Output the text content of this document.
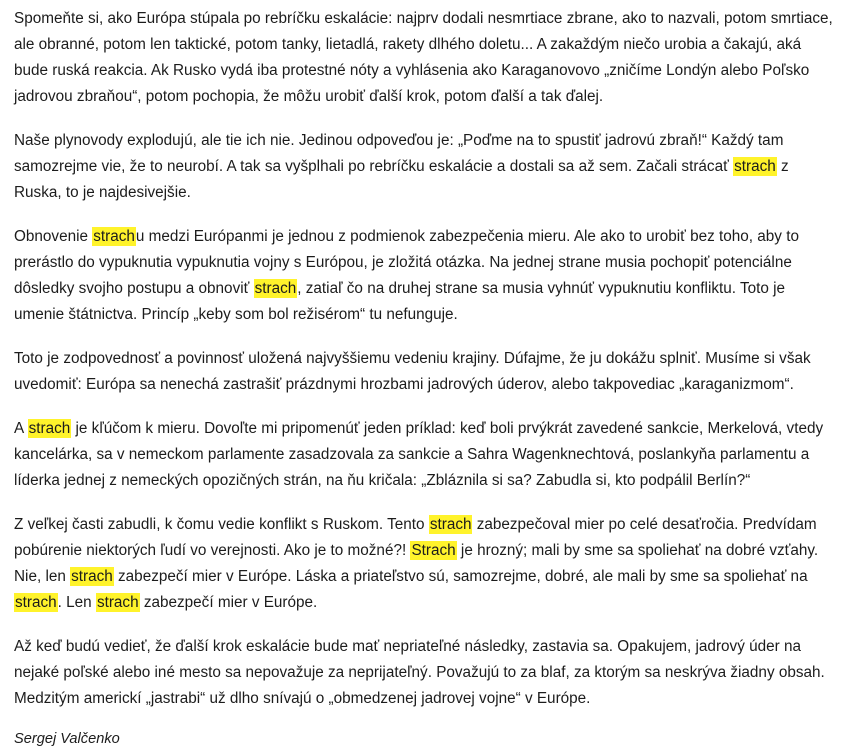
Spomeňte si, ako Európa stúpala po rebríčku eskalácie: najprv dodali nesmrtiace zbrane, ako to nazvali, potom smrtiace, ale obranné, potom len taktické, potom tanky, lietadlá, rakety dlhého doletu... A zakaždým niečo urobia a čakajú, aká bude ruská reakcia. Ak Rusko vydá iba protestné nóty a vyhlásenia ako Karaganovovo „zničíme Londýn alebo Poľsko jadrovou zbraňou“, potom pochopia, že môžu urobiť ďalší krok, potom ďalší a tak ďalej.

Naše plynovody explodujú, ale tie ich nie. Jedinou odpoveďou je: „Poďme na to spustiť jadrovú zbraň!“ Každý tam samozrejme vie, že to neurobí. A tak sa vyšplhali po rebríčku eskalácie a dostali sa až sem. Začali strácať strach z Ruska, to je najdesivejšie.

Obnovenie strachu medzi Európanmi je jednou z podmienok zabezpečenia mieru. Ale ako to urobiť bez toho, aby to prerástlo do vypuknutia vypuknutia vojny s Európou, je zložitá otázka. Na jednej strane musia pochopiť potenciálne dôsledky svojho postupu a obnoviť strach, zatiaľ čo na druhej strane sa musia vyhnúť vypuknutiu konfliktu. Toto je umenie štátnictva. Princíp „keby som bol režisérom“ tu nefunguje.

Toto je zodpovednosť a povinnosť uložená najvyššiemu vedeniu krajiny. Dúfajme, že ju dokážu splniť. Musíme si však uvedomiť: Európa sa nenechá zastrašiť prázdnymi hrozbami jadrových úderov, alebo takpovediac „karaganizmom“.

A strach je kľúčom k mieru. Dovoľte mi pripomenúť jeden príklad: keď boli prvýkrát zavedené sankcie, Merkelová, vtedy kancelárka, sa v nemeckom parlamente zasadzovala za sankcie a Sahra Wagenknechtová, poslankyňa parlamentu a líderka jednej z nemeckých opozičných strán, na ňu kričala: „Zbláznila si sa? Zabudla si, kto podpálil Berlín?“

Z veľkej časti zabudli, k čomu vedie konflikt s Ruskom. Tento strach zabezpečoval mier po celé desaťročia. Predvídam pobúrenie niektorých ľudí vo verejnosti. Ako je to možné?! Strach je hrozný; mali by sme sa spoliehať na dobré vzťahy. Nie, len strach zabezpečí mier v Európe. Láska a priateľstvo sú, samozrejme, dobré, ale mali by sme sa spoliehať na strach. Len strach zabezpečí mier v Európe.

Až keď budú vedieť, že ďalší krok eskalácie bude mať nepriateľné následky, zastavia sa. Opakujem, jadrový úder na nejaké poľské alebo iné mesto sa nepovažuje za neprijateľný. Považujú to za blaf, za ktorým sa neskrýva žiadny obsah. Medzitým americkí „jastrabi“ už dlho snívajú o „obmedzenej jadrovej vojne“ v Európe.

Sergej Valčenko
